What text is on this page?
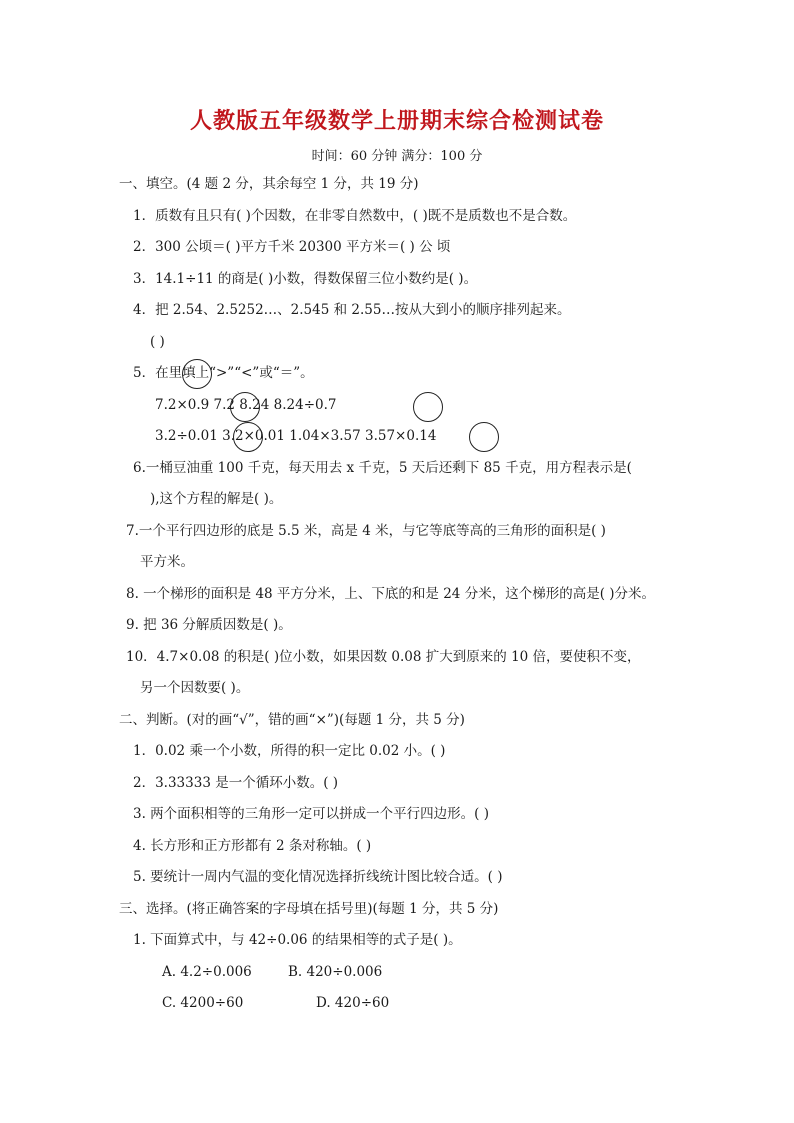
人教版五年级数学上册期末综合检测试卷
时间：60 分钟 满分：100 分
一、填空。(4 题 2 分，其余每空 1 分，共 19 分)
1．质数有且只有( )个因数，在非零自然数中，( )既不是质数也不是合数。
2．300 公顷＝( )平方千米 20300 平方米＝( ) 公 顷
3．14.1÷11 的商是( )小数，得数保留三位小数约是( )。
4．把 2.54、2.5252…、2.545 和 2.55…按从大到小的顺序排列起来。
( )
5．在里填上“>”“<”或“＝”。
7.2×0.9 7.2 8.24 8.24÷0.7
3.2÷0.01 3.2×0.01 1.04×3.57 3.57×0.14
6.一桶豆油重 100 千克，每天用去 x 千克，5 天后还剩下 85 千克，用方程表示是(
),这个方程的解是( )。
7.一个平行四边形的底是 5.5 米，高是 4 米，与它等底等高的三角形的面积是( )
平方米。
8. 一个梯形的面积是 48 平方分米，上、下底的和是 24 分米，这个梯形的高是( )分米。
9. 把 36 分解质因数是( )。
10．4.7×0.08 的积是( )位小数，如果因数 0.08 扩大到原来的 10 倍，要使积不变，
另一个因数要( )。
二、判断。(对的画“√”，错的画“×”)(每题 1 分，共 5 分)
1．0.02 乘一个小数，所得的积一定比 0.02 小。( )
2．3.33333 是一个循环小数。( )
3. 两个面积相等的三角形一定可以拼成一个平行四边形。( )
4. 长方形和正方形都有 2 条对称轴。( )
5. 要统计一周内气温的变化情况选择折线统计图比较合适。( )
三、选择。(将正确答案的字母填在括号里)(每题 1 分，共 5 分)
1. 下面算式中，与 42÷0.06 的结果相等的式子是( )。
A. 4.2÷0.006	B. 420÷0.006
C. 4200÷60	D. 420÷60
